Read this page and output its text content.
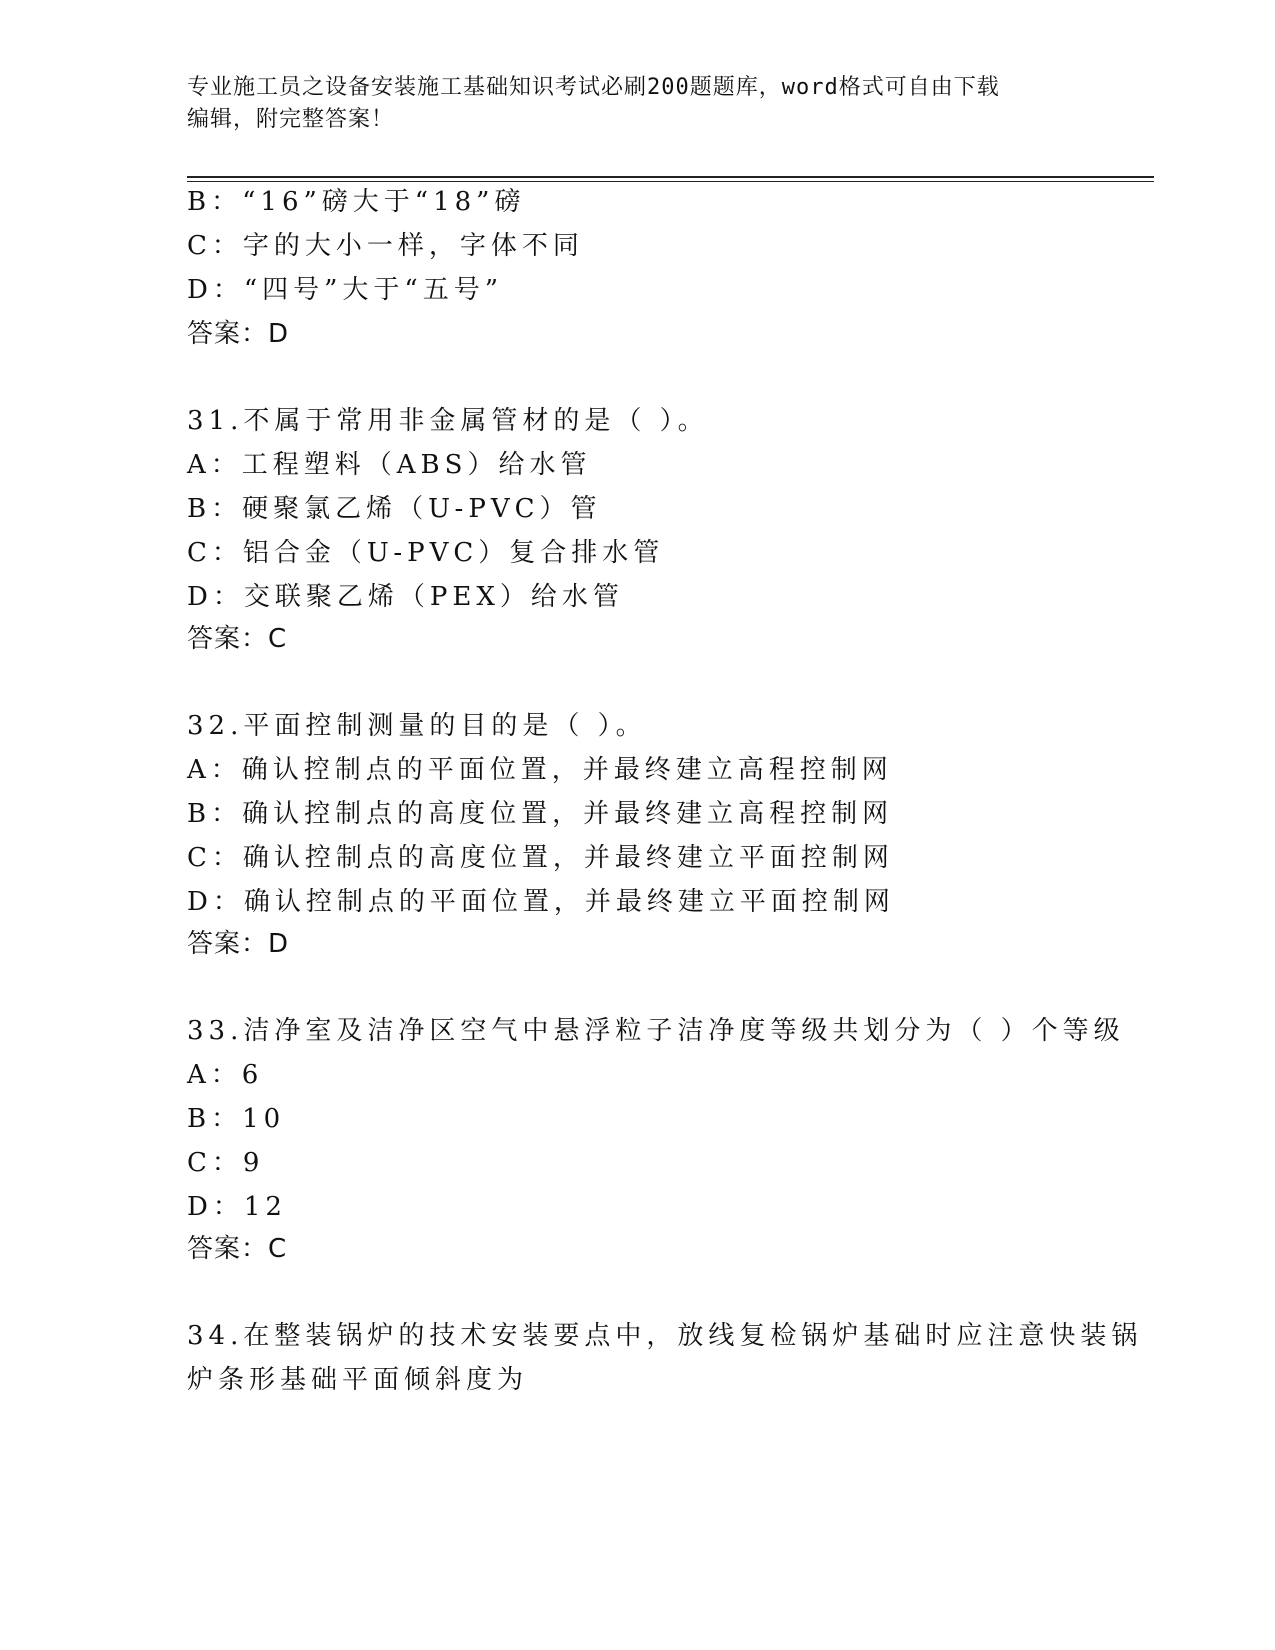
专业施工员之设备安装施工基础知识考试必刷200题题库，word格式可自由下载
编辑，附完整答案！
B：“16”磅大于“18”磅
C：字的大小一样，字体不同
D：“四号”大于“五号”
答案：D
31.不属于常用非金属管材的是（ ）。
A：工程塑料（ABS）给水管
B：硬聚氯乙烯（U-PVC）管
C：铝合金（U-PVC）复合排水管
D：交联聚乙烯（PEX）给水管
答案：C
32.平面控制测量的目的是（ ）。
A：确认控制点的平面位置，并最终建立高程控制网
B：确认控制点的高度位置，并最终建立高程控制网
C：确认控制点的高度位置，并最终建立平面控制网
D：确认控制点的平面位置，并最终建立平面控制网
答案：D
33.洁净室及洁净区空气中悬浮粒子洁净度等级共划分为（ ）个等级
A：6
B：10
C：9
D：12
答案：C
34.在整装锅炉的技术安装要点中，放线复检锅炉基础时应注意快装锅
炉条形基础平面倾斜度为
